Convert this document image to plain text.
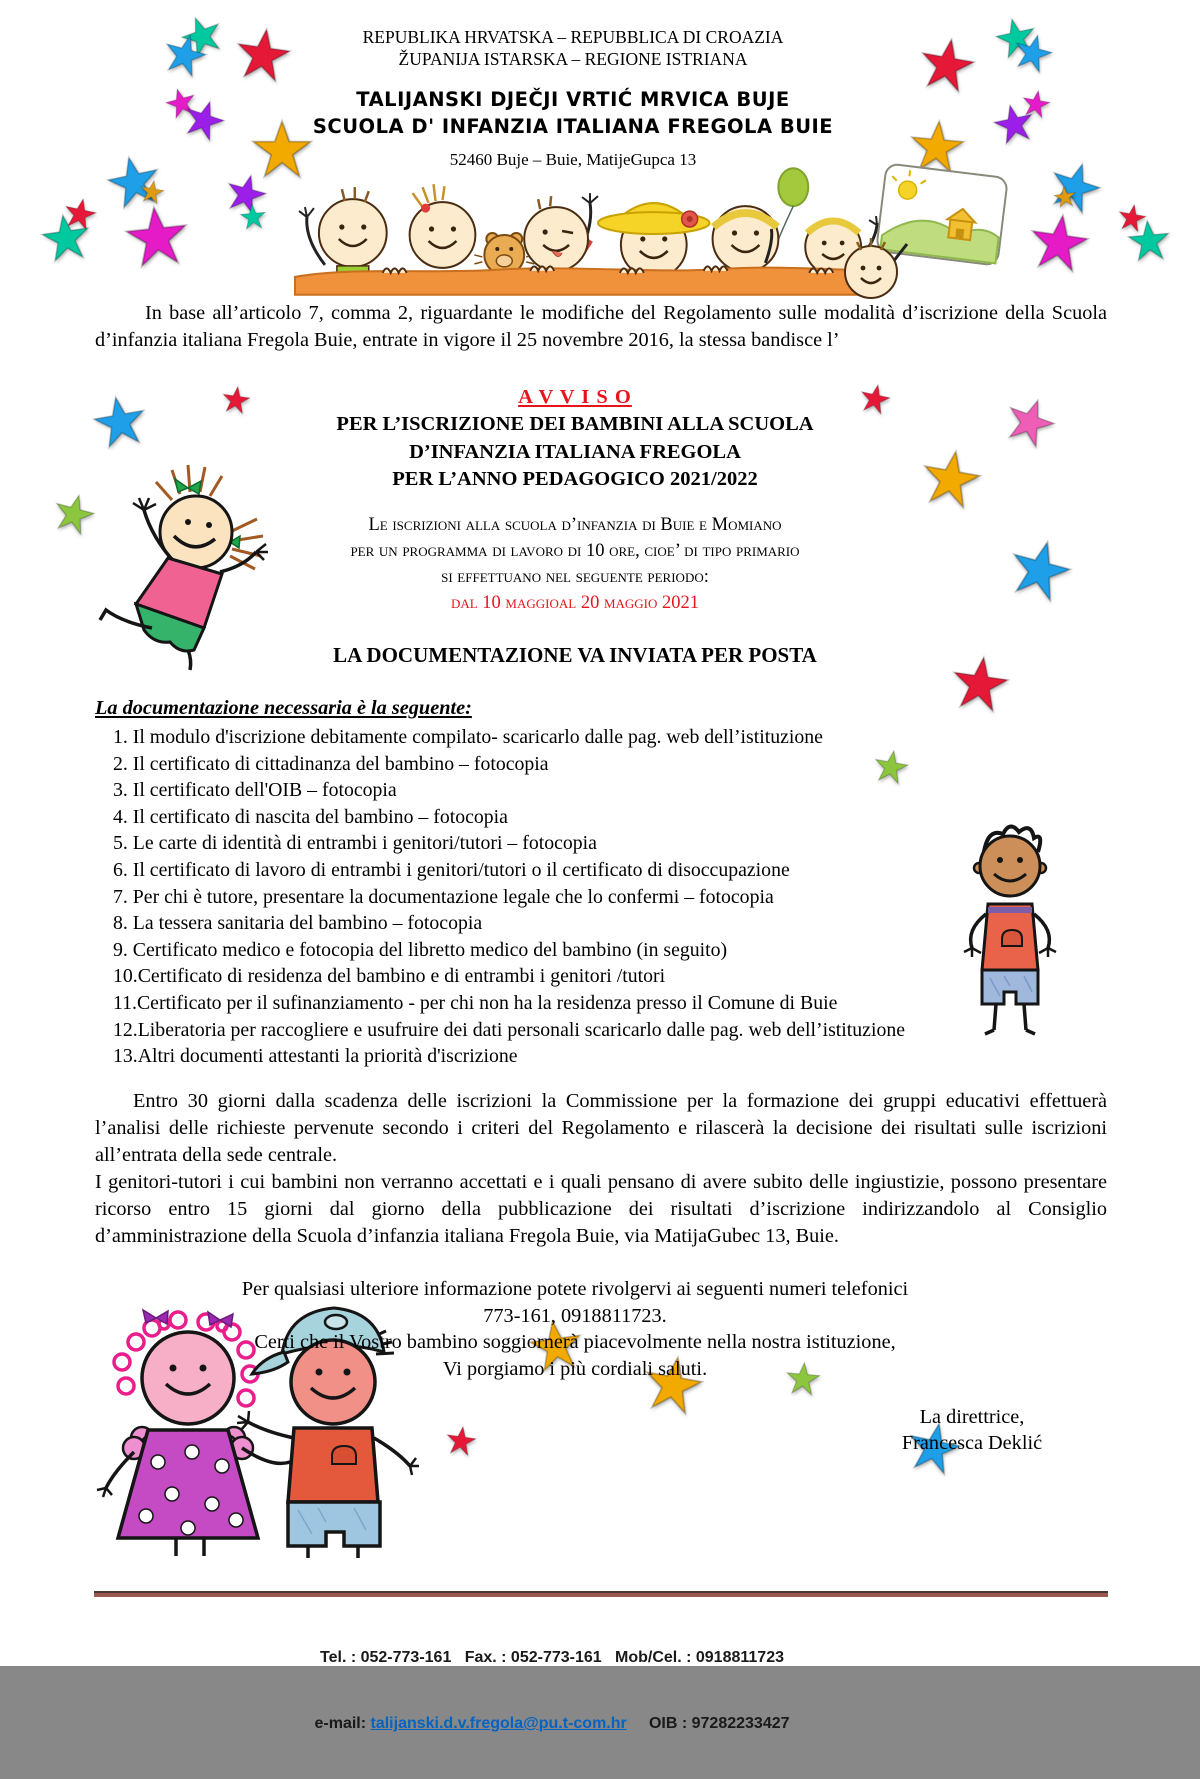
REPUBLIKA HRVATSKA – REPUBBLICA DI CROAZIA
ŽUPANIJA ISTARSKA – REGIONE ISTRIANA
TALIJANSKI DJEČJI VRTIĆ MRVICA BUJE
SCUOLA D' INFANZIA ITALIANA FREGOLA BUIE
52460 Buje – Buie, MatijeGupca 13
In base all’articolo 7, comma 2, riguardante le modifiche del Regolamento sulle modalità d’iscrizione della Scuola d’infanzia italiana Fregola Buie, entrate in vigore il 25 novembre 2016, la stessa bandisce l’
A V V I S O
PER L’ISCRIZIONE DEI BAMBINI ALLA SCUOLA
D’INFANZIA ITALIANA FREGOLA
PER L’ANNO PEDAGOGICO 2021/2022
Le iscrizioni alla scuola d’infanzia di Buie e Momiano
per un programma di lavoro di 10 ore, cioe’ di tipo primario
si effettuano nel seguente periodo:
dal 10 maggioal 20 maggio 2021
LA DOCUMENTAZIONE VA INVIATA PER POSTA
La documentazione necessaria è la seguente:
1. Il modulo d'iscrizione debitamente compilato- scaricarlo dalle pag. web dell’istituzione
2. Il certificato di cittadinanza del bambino – fotocopia
3. Il certificato dell'OIB – fotocopia
4. Il certificato di nascita del bambino – fotocopia
5. Le carte di identità di entrambi i genitori/tutori – fotocopia
6. Il certificato di lavoro di entrambi i genitori/tutori o il certificato di disoccupazione
7. Per chi è tutore, presentare la documentazione legale che lo confermi – fotocopia
8. La tessera sanitaria del bambino – fotocopia
9. Certificato medico e fotocopia del libretto medico del bambino (in seguito)
10.Certificato di residenza del bambino e di entrambi i genitori /tutori
11.Certificato per il sufinanziamento - per chi non ha la residenza presso il Comune di Buie
12.Liberatoria per raccogliere e usufruire dei dati personali scaricarlo dalle pag. web dell’istituzione
13.Altri documenti attestanti la priorità d'iscrizione
Entro 30 giorni dalla scadenza delle iscrizioni la Commissione per la formazione dei gruppi educativi effettuerà l’analisi delle richieste pervenute secondo i criteri del Regolamento e rilascerà la decisione dei risultati sulle iscrizioni all’entrata della sede centrale.
I genitori-tutori i cui bambini non verranno accettati e i quali pensano di avere subito delle ingiustizie, possono presentare ricorso entro 15 giorni dal giorno della pubblicazione dei risultati d’iscrizione indirizzandolo al Consiglio d’amministrazione della Scuola d’infanzia italiana Fregola Buie, via MatijaGubec 13, Buie.
Per qualsiasi ulteriore informazione potete rivolgervi ai seguenti numeri telefonici
773-161, 0918811723.
Certi che il Vostro bambino soggiornerà piacevolmente nella nostra istituzione,
Vi porgiamo i più cordiali saluti.
La direttrice,
Francesca Deklić

Tel. : 052-773-161   Fax. : 052-773-161   Mob/Cel. : 0918811723

e-mail: talijanski.d.v.fregola@pu.t-com.hr     OIB : 97282233427
